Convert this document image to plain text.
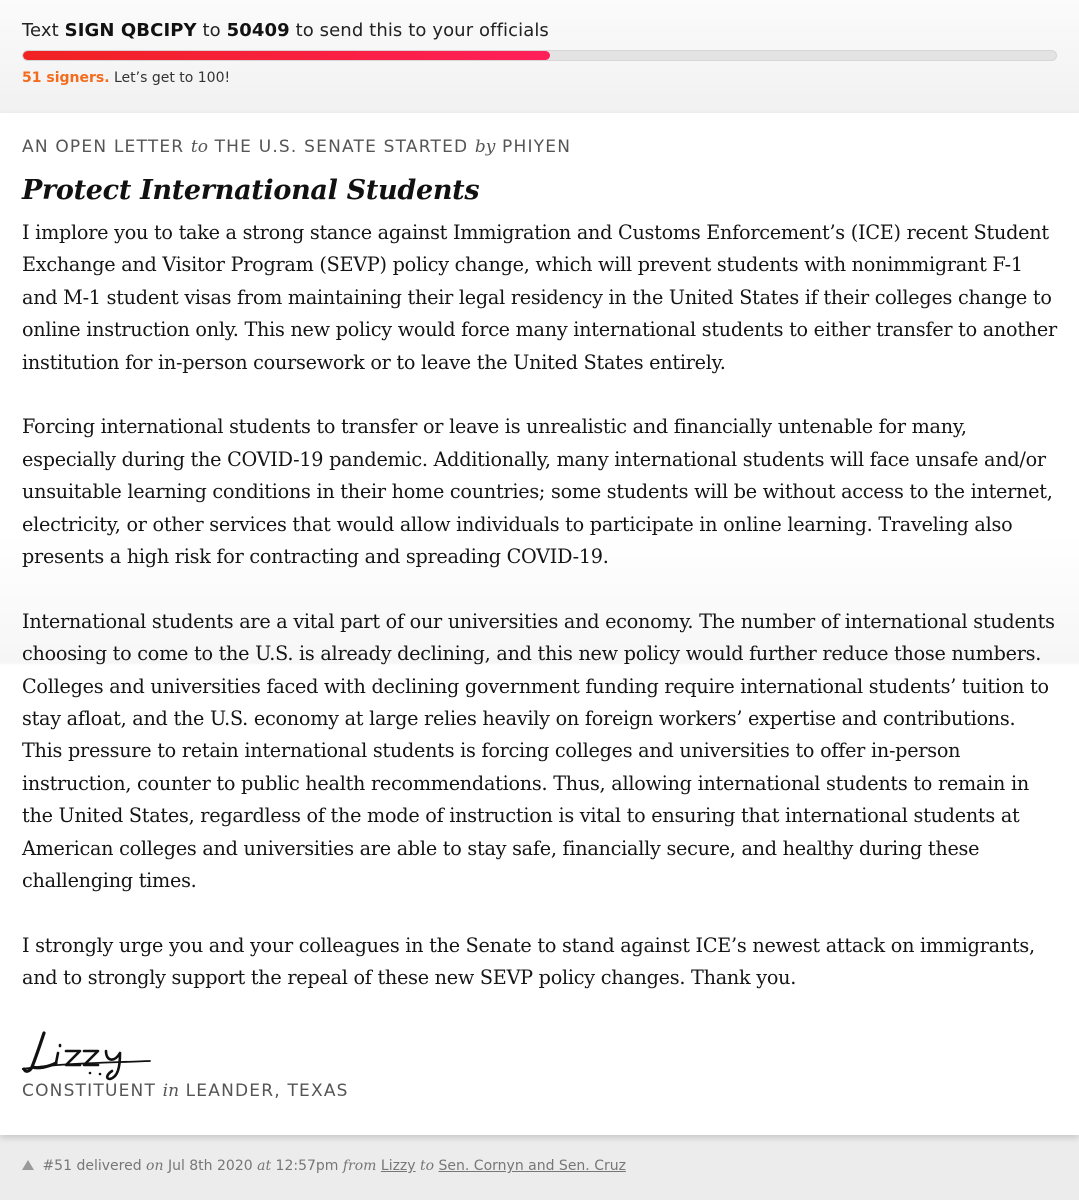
Text SIGN QBCIPY to 50409 to send this to your officials
51 signers. Let’s get to 100!
AN OPEN LETTER to THE U.S. SENATE STARTED by PHIYEN
Protect International Students

I implore you to take a strong stance against Immigration and Customs Enforcement’s (ICE) recent Student Exchange and Visitor Program (SEVP) policy change, which will prevent students with nonimmigrant F-1 and M-1 student visas from maintaining their legal residency in the United States if their colleges change to online instruction only. This new policy would force many international students to either transfer to another institution for in-person coursework or to leave the United States entirely.

Forcing international students to transfer or leave is unrealistic and financially untenable for many, especially during the COVID-19 pandemic. Additionally, many international students will face unsafe and/or unsuitable learning conditions in their home countries; some students will be without access to the internet, electricity, or other services that would allow individuals to participate in online learning. Traveling also presents a high risk for contracting and spreading COVID-19.

International students are a vital part of our universities and economy. The number of international students choosing to come to the U.S. is already declining, and this new policy would further reduce those numbers. Colleges and universities faced with declining government funding require international students’ tuition to stay afloat, and the U.S. economy at large relies heavily on foreign workers’ expertise and contributions. This pressure to retain international students is forcing colleges and universities to offer in-person instruction, counter to public health recommendations. Thus, allowing international students to remain in the United States, regardless of the mode of instruction is vital to ensuring that international students at American colleges and universities are able to stay safe, financially secure, and healthy during these challenging times.

I strongly urge you and your colleagues in the Senate to stand against ICE’s newest attack on immigrants, and to strongly support the repeal of these new SEVP policy changes. Thank you.

CONSTITUENT in LEANDER, TEXAS
#51 delivered on Jul 8th 2020 at 12:57pm from Lizzy to Sen. Cornyn and Sen. Cruz
